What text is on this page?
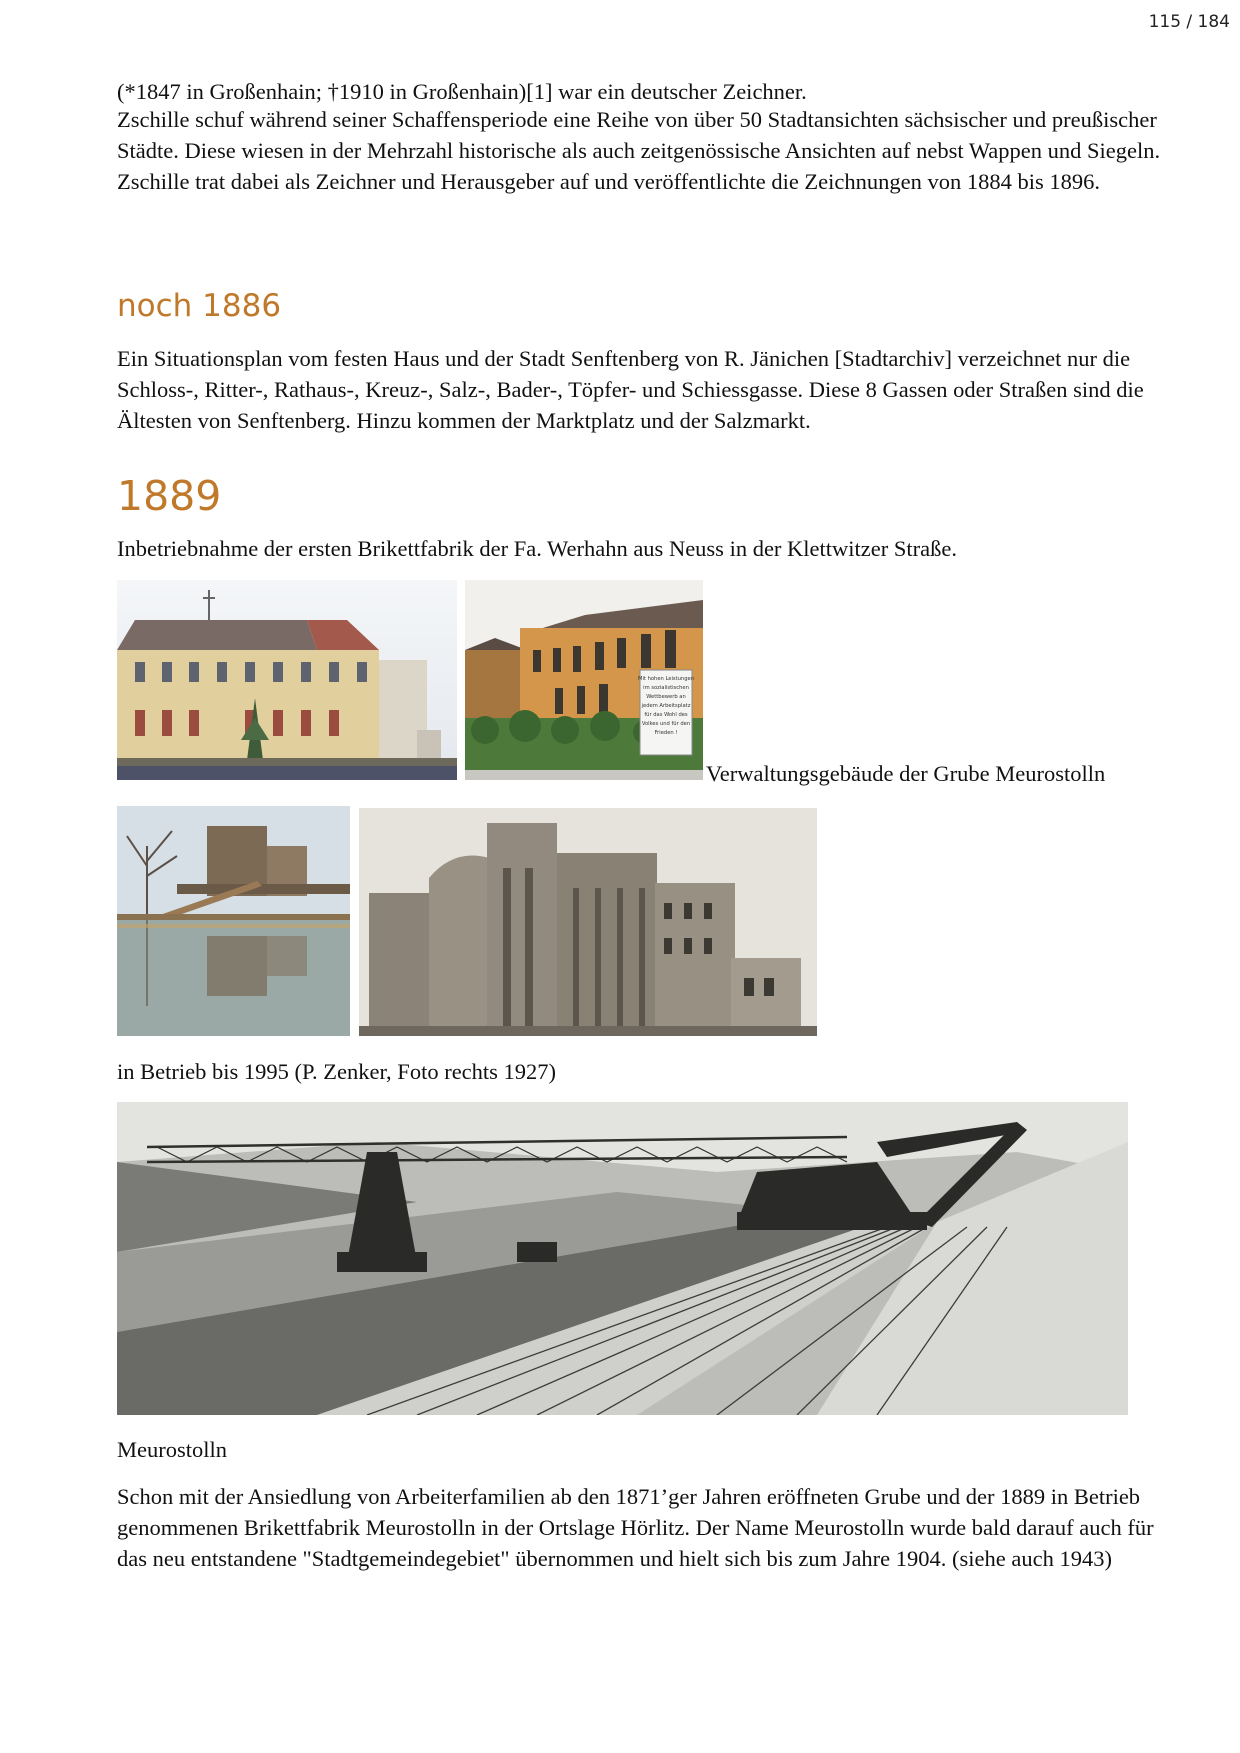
115 / 184

(*1847 in Großenhain; †1910 in Großenhain)[1] war ein deutscher Zeichner.

Zschille schuf während seiner Schaffensperiode eine Reihe von über 50 Stadtansichten sächsischer und preußischer Städte. Diese wiesen in der Mehrzahl historische als auch zeitgenössische Ansichten auf nebst Wappen und Siegeln. Zschille trat dabei als Zeichner und Herausgeber auf und veröffentlichte die Zeichnungen von 1884 bis 1896.

noch 1886

Ein Situationsplan vom festen Haus und der Stadt Senftenberg von R. Jänichen [Stadtarchiv] verzeichnet nur die Schloss-, Ritter-, Rathaus-, Kreuz-, Salz-, Bader-, Töpfer- und Schiessgasse. Diese 8 Gassen oder Straßen sind die Ältesten von Senftenberg. Hinzu kommen der Marktplatz und der Salzmarkt.

1889

Inbetriebnahme der ersten Brikettfabrik der Fa. Werhahn aus Neuss in der Klettwitzer Straße.

Mit hohen Leistungen
im sozialistischen
Wettbewerb an
jedem Arbeitsplatz
für das Wohl des
Volkes und für den
Frieden !

Verwaltungsgebäude der Grube Meurostolln

in Betrieb bis 1995 (P. Zenker, Foto rechts 1927)

Meurostolln

Schon mit der Ansiedlung von Arbeiterfamilien ab den 1871’ger Jahren eröffneten Grube und der 1889 in Betrieb genommenen Brikettfabrik Meurostolln in der Ortslage Hörlitz. Der Name Meurostolln wurde bald darauf auch für das neu entstandene "Stadtgemeindegebiet" übernommen und hielt sich bis zum Jahre 1904. (siehe auch 1943)
